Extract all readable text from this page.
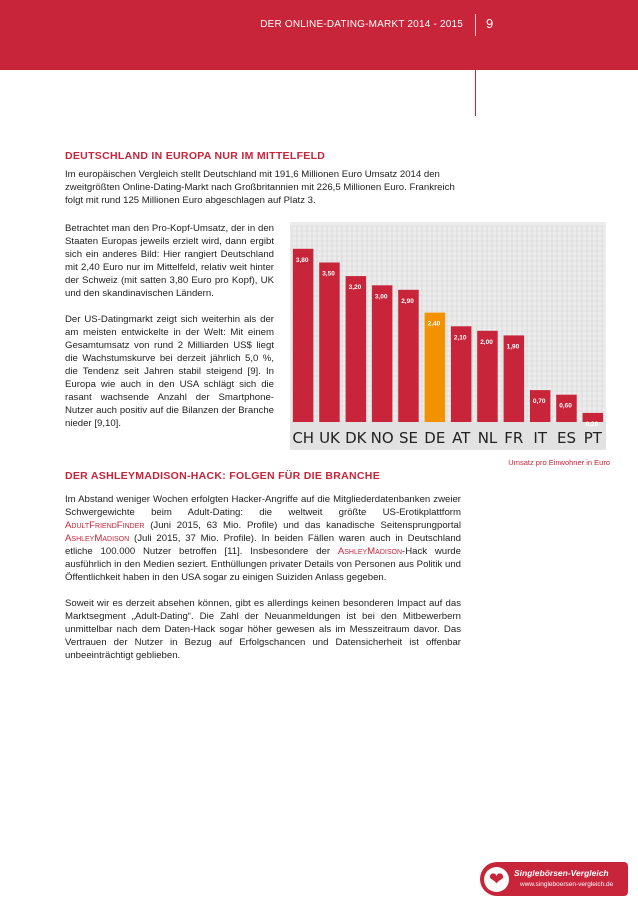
DER ONLINE-DATING-MARKT 2014 - 2015 9
DEUTSCHLAND IN EUROPA NUR IM MITTELFELD

Im europäischen Vergleich stellt Deutschland mit 191,6 Millionen Euro Umsatz 2014 den zweitgrößten Online-Dating-Markt nach Großbritannien mit 226,5 Millionen Euro. Frankreich folgt mit rund 125 Millionen Euro abgeschlagen auf Platz 3.

Betrachtet man den Pro-Kopf-Umsatz, der in den Staaten Europas jeweils erzielt wird, dann ergibt sich ein anderes Bild: Hier rangiert Deutschland mit 2,40 Euro nur im Mittelfeld, relativ weit hinter der Schweiz (mit satten 3,80 Euro pro Kopf), UK und den skandinavischen Ländern.

Der US-Datingmarkt zeigt sich weiterhin als der am meisten entwickelte in der Welt: Mit einem Gesamtumsatz von rund 2 Milliarden US$ liegt die Wachstumskurve bei derzeit jährlich 5,0 %, die Tendenz seit Jahren stabil steigend [9]. In Europa wie auch in den USA schlägt sich die rasant wachsende Anzahl der Smartphone-Nutzer auch positiv auf die Bilanzen der Branche nieder [9,10].

3,80
CH
3,50
UK
3,20
DK
3,00
NO
2,90
SE
2,40
DE
2,10
AT
2,00
NL
1,90
FR
0,70
IT
0,60
ES
0,20
PT
Umsatz pro Einwohner in Euro
DER ASHLEYMADISON-HACK: FOLGEN FÜR DIE BRANCHE

Im Abstand weniger Wochen erfolgten Hacker-Angriffe auf die Mitgliederdatenbanken zweier Schwergewichte beim Adult-Dating: die weltweit größte US-Erotikplattform AdultFriendFinder (Juni 2015, 63 Mio. Profile) und das kanadische Seitensprungportal AshleyMadison (Juli 2015, 37 Mio. Profile). In beiden Fällen waren auch in Deutschland etliche 100.000 Nutzer betroffen [11]. Insbesondere der AshleyMadison-Hack wurde ausführlich in den Medien seziert. Enthüllungen privater Details von Personen aus Politik und Öffentlichkeit haben in den USA sogar zu einigen Suiziden Anlass gegeben.

Soweit wir es derzeit absehen können, gibt es allerdings keinen besonderen Impact auf das Marktsegment „Adult-Dating“. Die Zahl der Neuanmeldungen ist bei den Mitbewerbern unmittelbar nach dem Daten-Hack sogar höher gewesen als im Messzeitraum davor. Das Vertrauen der Nutzer in Bezug auf Erfolgschancen und Datensicherheit ist offenbar unbeeinträchtigt geblieben.

❤	Singlebörsen-Vergleich
www.singleboersen-vergleich.de
